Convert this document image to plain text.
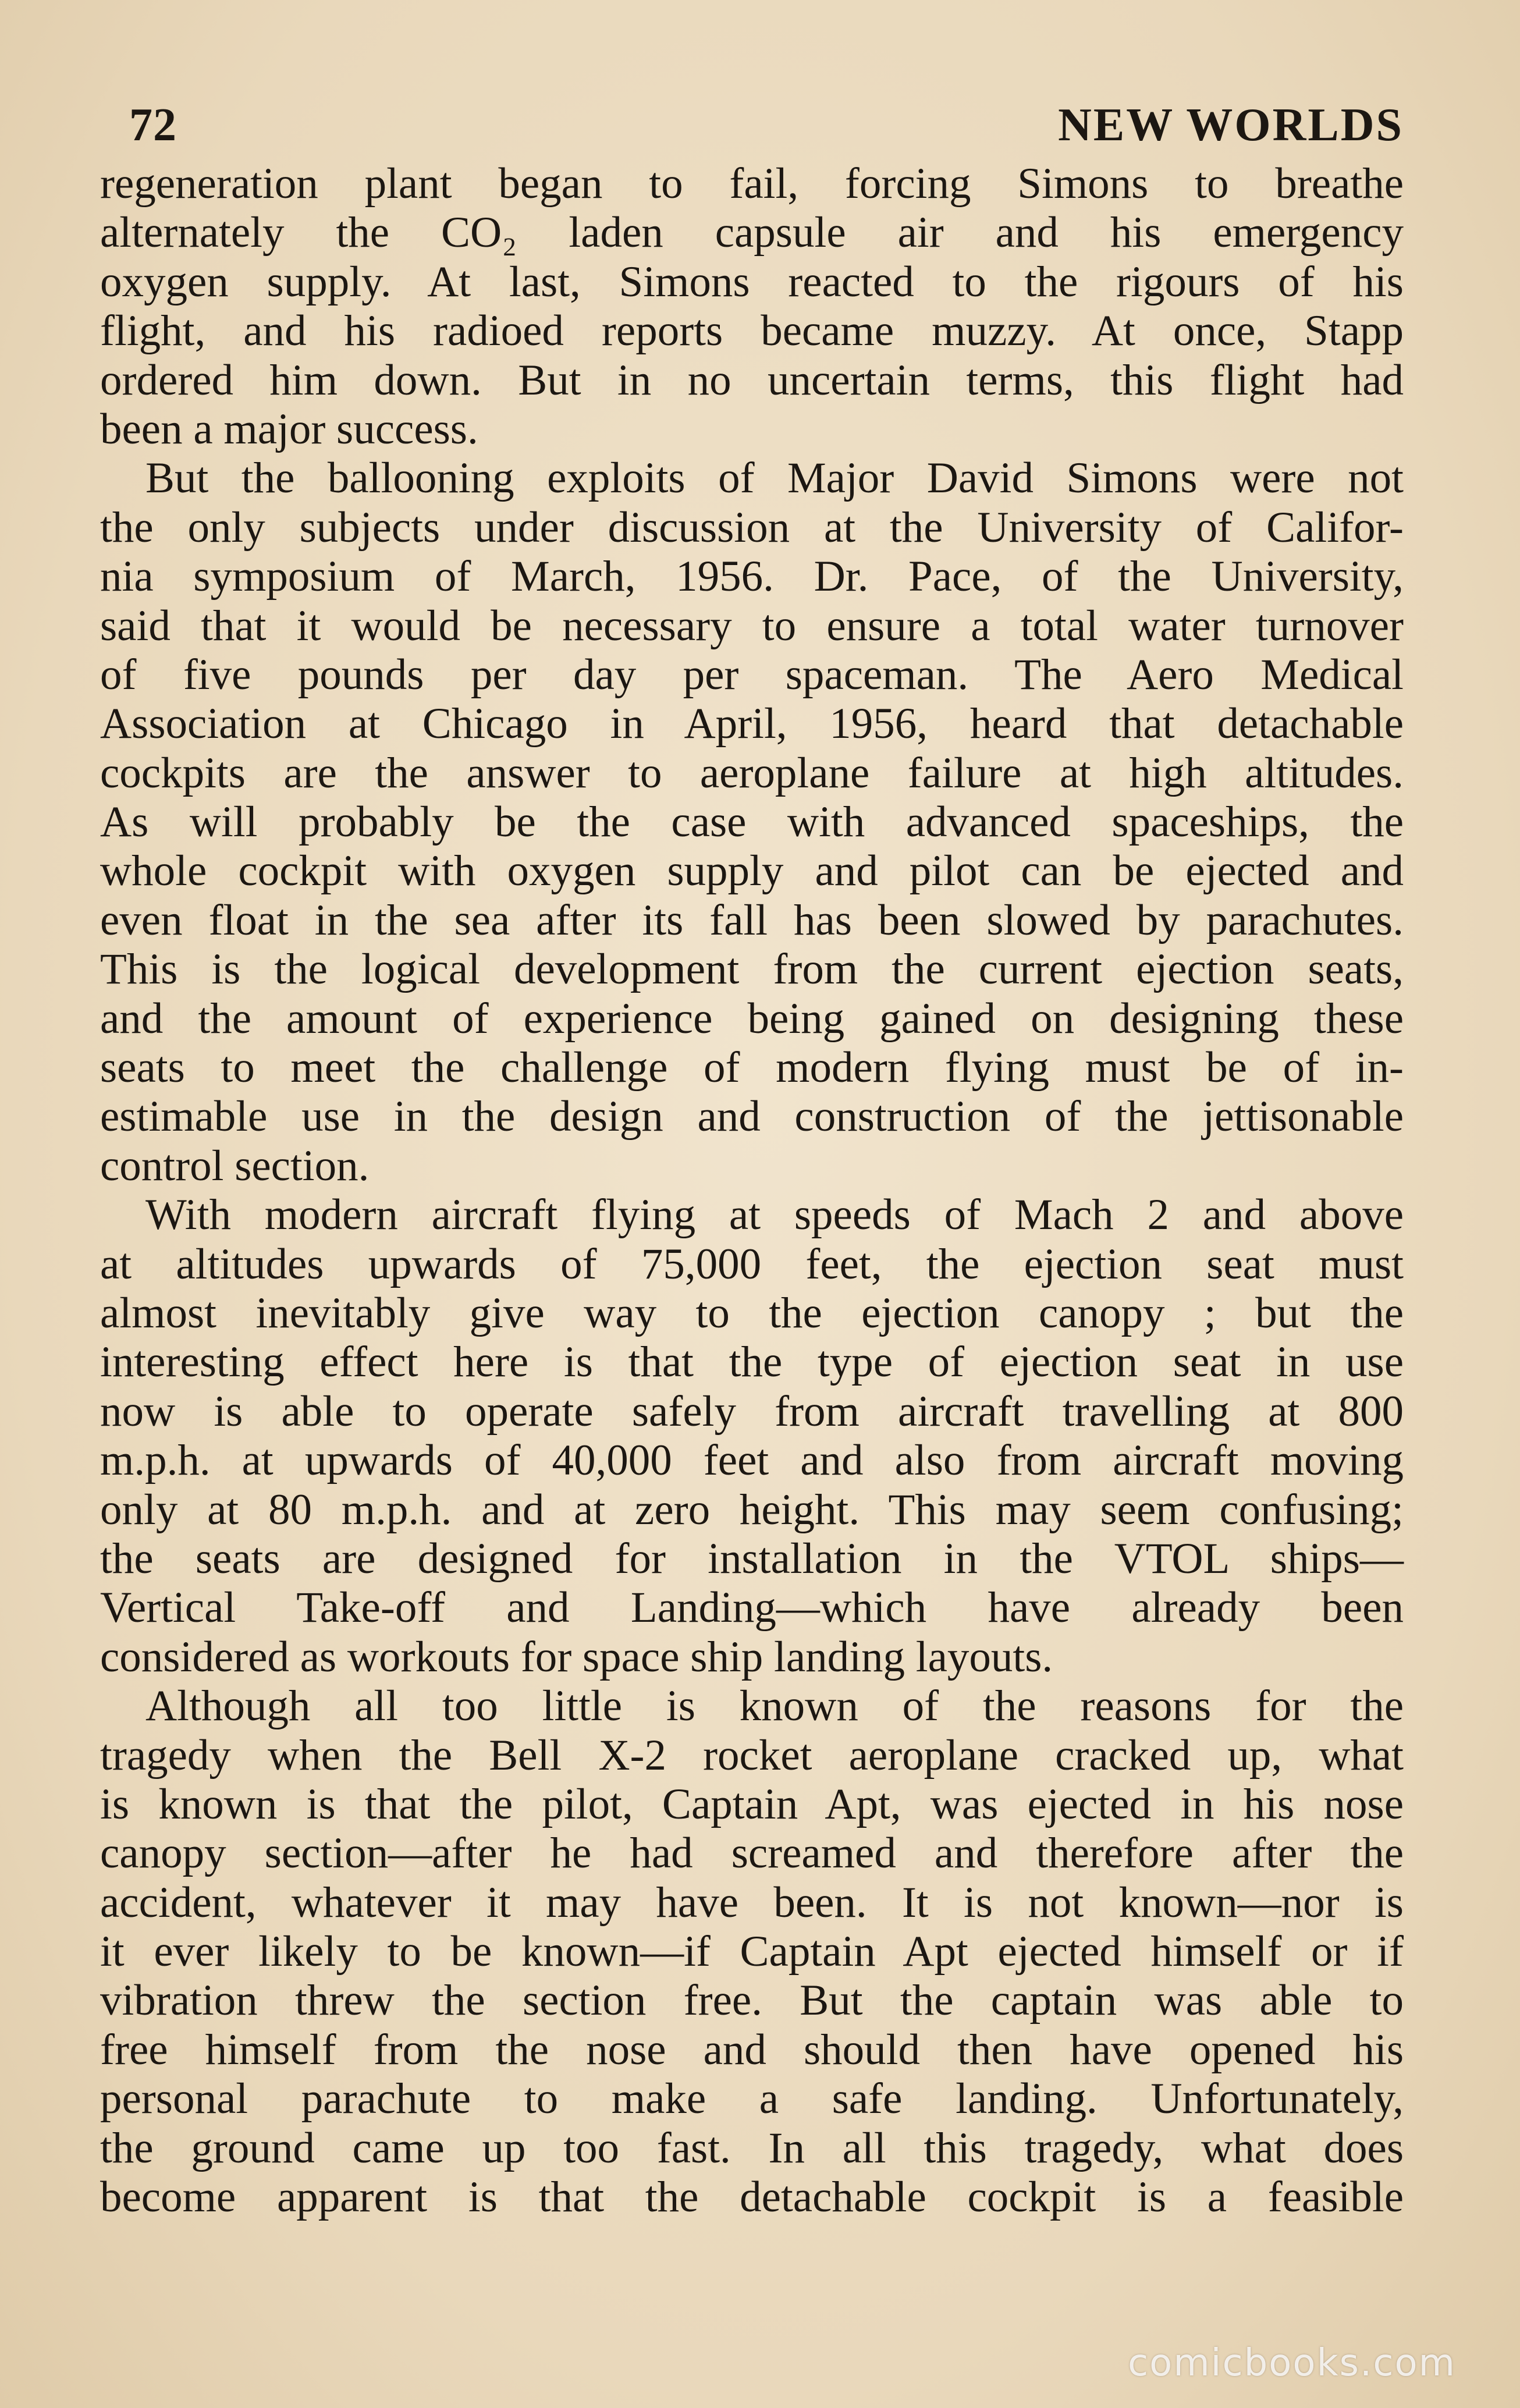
72	NEW WORLDS
regeneration plant began to fail, forcing Simons to breathe
alternately the CO₂ laden capsule air and his emergency
oxygen supply. At last, Simons reacted to the rigours of his
flight, and his radioed reports became muzzy. At once, Stapp
ordered him down. But in no uncertain terms, this flight had
been a major success.
But the ballooning exploits of Major David Simons were not
the only subjects under discussion at the University of Califor-
nia symposium of March, 1956. Dr. Pace, of the University,
said that it would be necessary to ensure a total water turnover
of five pounds per day per spaceman. The Aero Medical
Association at Chicago in April, 1956, heard that detachable
cockpits are the answer to aeroplane failure at high altitudes.
As will probably be the case with advanced spaceships, the
whole cockpit with oxygen supply and pilot can be ejected and
even float in the sea after its fall has been slowed by parachutes.
This is the logical development from the current ejection seats,
and the amount of experience being gained on designing these
seats to meet the challenge of modern flying must be of in-
estimable use in the design and construction of the jettisonable
control section.
With modern aircraft flying at speeds of Mach 2 and above
at altitudes upwards of 75,000 feet, the ejection seat must
almost inevitably give way to the ejection canopy ; but the
interesting effect here is that the type of ejection seat in use
now is able to operate safely from aircraft travelling at 800
m.p.h. at upwards of 40,000 feet and also from aircraft moving
only at 80 m.p.h. and at zero height. This may seem confusing;
the seats are designed for installation in the VTOL ships—
Vertical Take-off and Landing—which have already been
considered as workouts for space ship landing layouts.
Although all too little is known of the reasons for the
tragedy when the Bell X-2 rocket aeroplane cracked up, what
is known is that the pilot, Captain Apt, was ejected in his nose
canopy section—after he had screamed and therefore after the
accident, whatever it may have been. It is not known—nor is
it ever likely to be known—if Captain Apt ejected himself or if
vibration threw the section free. But the captain was able to
free himself from the nose and should then have opened his
personal parachute to make a safe landing. Unfortunately,
the ground came up too fast. In all this tragedy, what does
become apparent is that the detachable cockpit is a feasible
comicbooks.com
